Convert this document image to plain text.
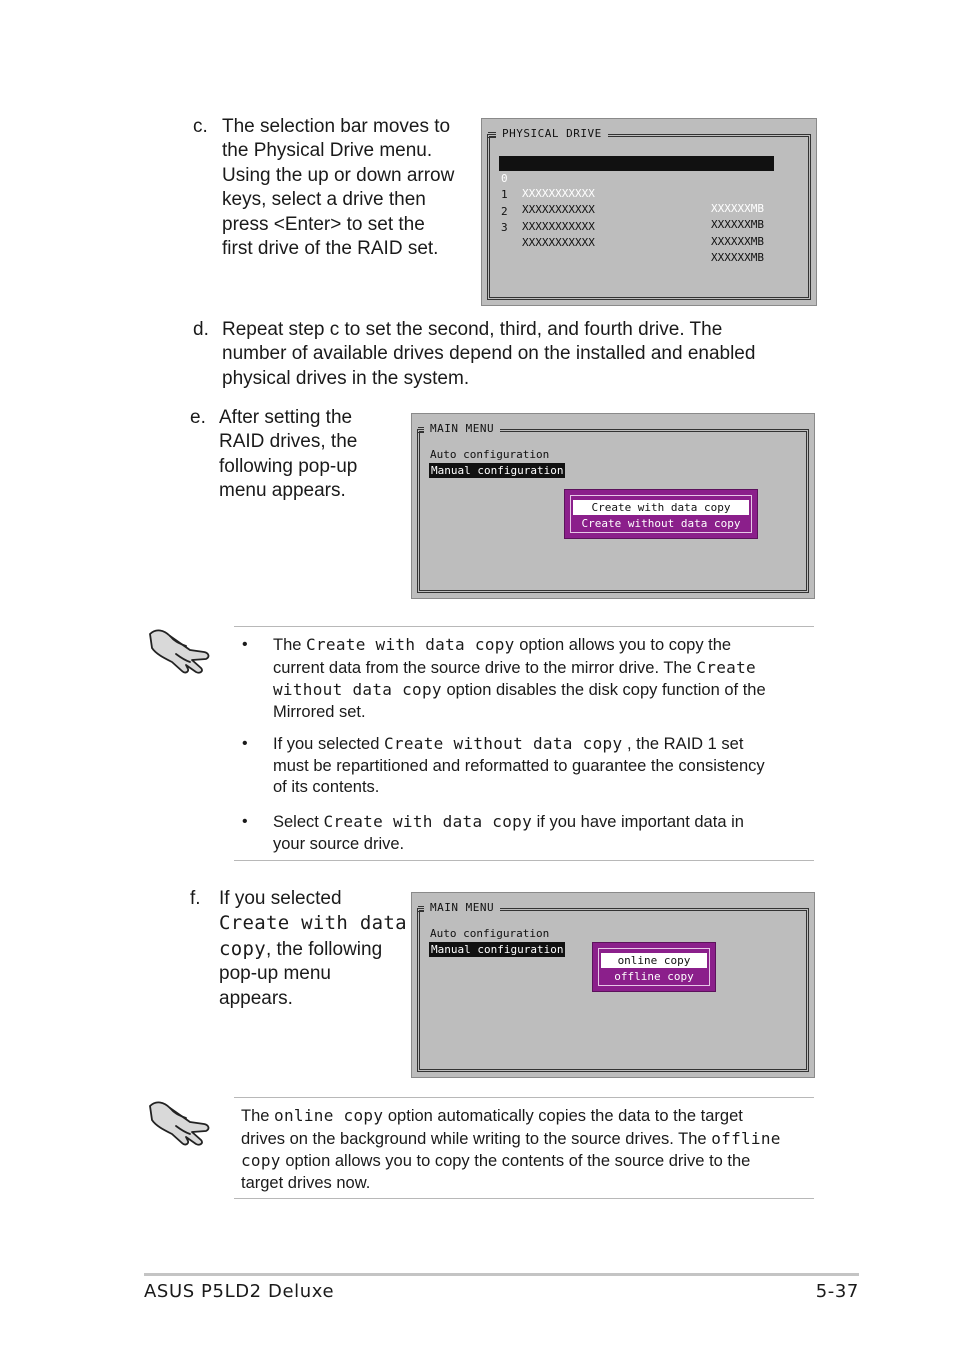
c. The selection bar moves to
the Physical Drive menu.
Using the up or down arrow
keys, select a drive then
press <Enter> to set the
first drive of the RAID set.
PHYSICAL DRIVE

0

XXXXXXXXXXX

XXXXXXMB

1

XXXXXXXXXXX

XXXXXXMB

2

XXXXXXXXXXX

XXXXXXMB

3

XXXXXXXXXXX

XXXXXXMB

d. Repeat step c to set the second, third, and fourth drive. The
number of available drives depend on the installed and enabled
physical drives in the system.
e. After setting the
RAID drives, the
following pop-up
menu appears.
MAIN MENU
Auto configuration
Manual configuration
Create with data copy
Create without data copy
• The Create with data copy option allows you to copy the
current data from the source drive to the mirror drive. The Create
without data copy option disables the disk copy function of the
Mirrored set.
• If you selected Create without data copy , the RAID 1 set
must be repartitioned and reformatted to guarantee the consistency
of its contents.
• Select Create with data copy if you have important data in
your source drive.
f. If you selected
Create with data
copy, the following
pop-up menu
appears.
MAIN MENU
Auto configuration
Manual configuration
online copy
offline copy
The online copy option automatically copies the data to the target
drives on the background while writing to the source drives. The offline
copy option allows you to copy the contents of the source drive to the
target drives now.
ASUS P5LD2 Deluxe	5-37
